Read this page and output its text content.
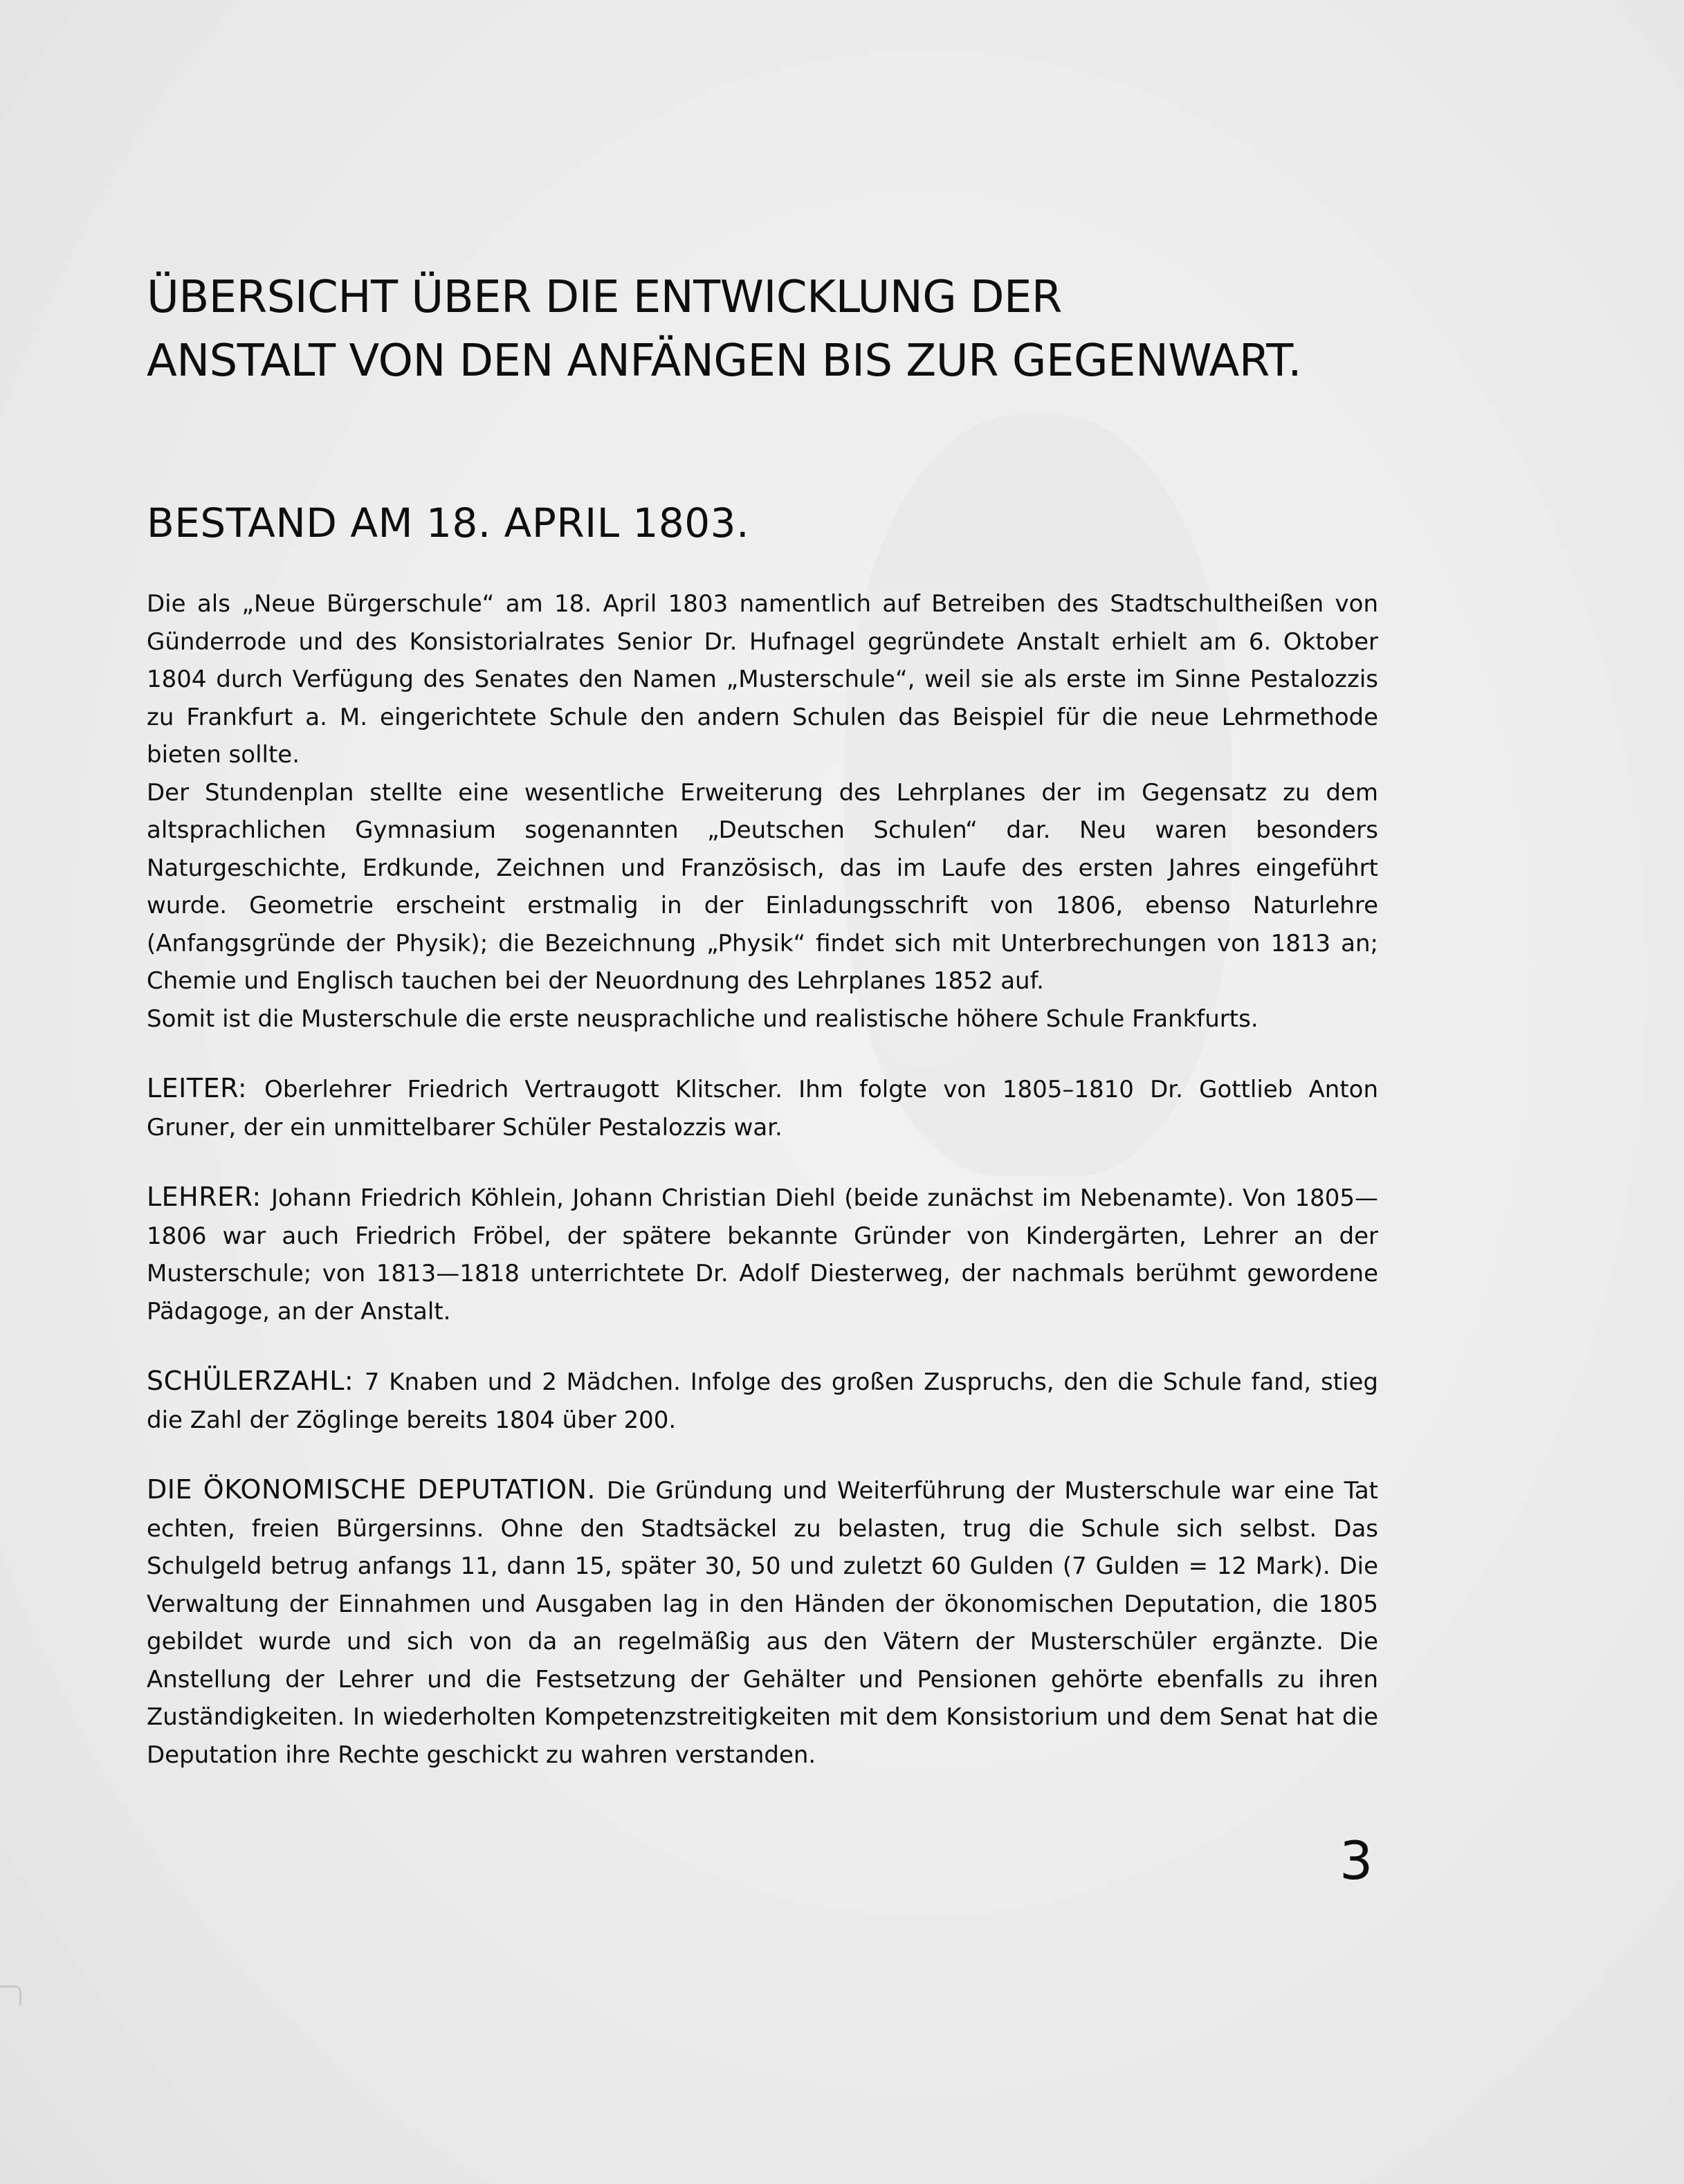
ÜBERSICHT ÜBER DIE ENTWICKLUNG DER
ANSTALT VON DEN ANFÄNGEN BIS ZUR GEGENWART.
BESTAND AM 18. APRIL 1803.

Die als „Neue Bürgerschule“ am 18. April 1803 namentlich auf Betreiben des Stadtschultheißen von Günderrode und des Konsistorialrates Senior Dr. Hufnagel gegründete Anstalt erhielt am 6. Oktober 1804 durch Verfügung des Senates den Namen „Musterschule“, weil sie als erste im Sinne Pestalozzis zu Frankfurt a. M. eingerichtete Schule den andern Schulen das Beispiel für die neue Lehrmethode bieten sollte.

Der Stundenplan stellte eine wesentliche Erweiterung des Lehrplanes der im Gegensatz zu dem altsprachlichen Gymnasium sogenannten „Deutschen Schulen“ dar. Neu waren besonders Naturgeschichte, Erdkunde, Zeichnen und Französisch, das im Laufe des ersten Jahres eingeführt wurde. Geometrie erscheint erstmalig in der Einladungsschrift von 1806, ebenso Naturlehre (Anfangsgründe der Physik); die Bezeichnung „Physik“ findet sich mit Unterbrechungen von 1813 an; Chemie und Englisch tauchen bei der Neuordnung des Lehrplanes 1852 auf.

Somit ist die Musterschule die erste neusprachliche und realistische höhere Schule Frankfurts.

LEITER: Oberlehrer Friedrich Vertraugott Klitscher. Ihm folgte von 1805–1810 Dr. Gottlieb Anton Gruner, der ein unmittelbarer Schüler Pestalozzis war.

LEHRER: Johann Friedrich Köhlein, Johann Christian Diehl (beide zunächst im Nebenamte). Von 1805—1806 war auch Friedrich Fröbel, der spätere bekannte Gründer von Kindergärten, Lehrer an der Musterschule; von 1813—1818 unterrichtete Dr. Adolf Diesterweg, der nachmals berühmt gewordene Pädagoge, an der Anstalt.

SCHÜLERZAHL: 7 Knaben und 2 Mädchen. Infolge des großen Zuspruchs, den die Schule fand, stieg die Zahl der Zöglinge bereits 1804 über 200.

DIE ÖKONOMISCHE DEPUTATION. Die Gründung und Weiterführung der Musterschule war eine Tat echten, freien Bürgersinns. Ohne den Stadtsäckel zu belasten, trug die Schule sich selbst. Das Schulgeld betrug anfangs 11, dann 15, später 30, 50 und zuletzt 60 Gulden (7 Gulden = 12 Mark). Die Verwaltung der Einnahmen und Ausgaben lag in den Händen der ökonomischen Deputation, die 1805 gebildet wurde und sich von da an regelmäßig aus den Vätern der Musterschüler ergänzte. Die Anstellung der Lehrer und die Festsetzung der Gehälter und Pensionen gehörte ebenfalls zu ihren Zuständigkeiten. In wiederholten Kompetenzstreitigkeiten mit dem Konsistorium und dem Senat hat die Deputation ihre Rechte geschickt zu wahren verstanden.

3
